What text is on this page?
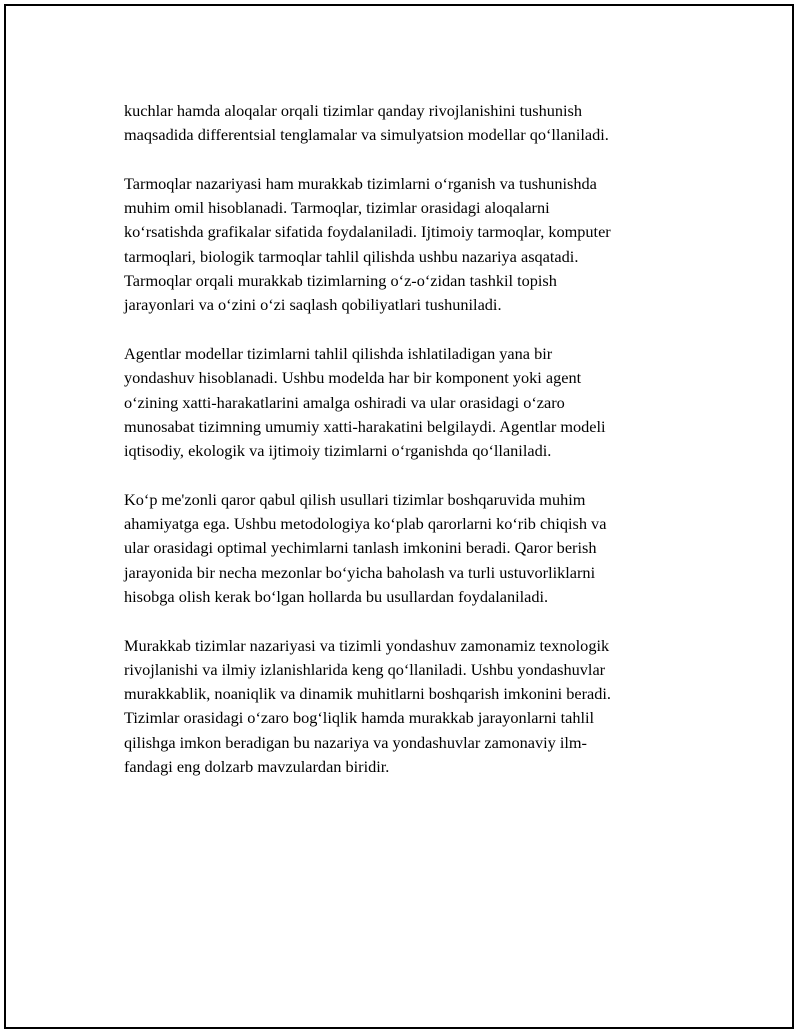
kuchlar hamda aloqalar orqali tizimlar qanday rivojlanishini tushunish
maqsadida differentsial tenglamalar va simulyatsion modellar qo‘llaniladi.

Tarmoqlar nazariyasi ham murakkab tizimlarni o‘rganish va tushunishda
muhim omil hisoblanadi. Tarmoqlar, tizimlar orasidagi aloqalarni
ko‘rsatishda grafikalar sifatida foydalaniladi. Ijtimoiy tarmoqlar, komputer
tarmoqlari, biologik tarmoqlar tahlil qilishda ushbu nazariya asqatadi.
Tarmoqlar orqali murakkab tizimlarning o‘z-o‘zidan tashkil topish
jarayonlari va o‘zini o‘zi saqlash qobiliyatlari tushuniladi.

Agentlar modellar tizimlarni tahlil qilishda ishlatiladigan yana bir
yondashuv hisoblanadi. Ushbu modelda har bir komponent yoki agent
o‘zining xatti-harakatlarini amalga oshiradi va ular orasidagi o‘zaro
munosabat tizimning umumiy xatti-harakatini belgilaydi. Agentlar modeli
iqtisodiy, ekologik va ijtimoiy tizimlarni o‘rganishda qo‘llaniladi.

Ko‘p me'zonli qaror qabul qilish usullari tizimlar boshqaruvida muhim
ahamiyatga ega. Ushbu metodologiya ko‘plab qarorlarni ko‘rib chiqish va
ular orasidagi optimal yechimlarni tanlash imkonini beradi. Qaror berish
jarayonida bir necha mezonlar bo‘yicha baholash va turli ustuvorliklarni
hisobga olish kerak bo‘lgan hollarda bu usullardan foydalaniladi.

Murakkab tizimlar nazariyasi va tizimli yondashuv zamonamiz texnologik
rivojlanishi va ilmiy izlanishlarida keng qo‘llaniladi. Ushbu yondashuvlar
murakkablik, noaniqlik va dinamik muhitlarni boshqarish imkonini beradi.
Tizimlar orasidagi o‘zaro bog‘liqlik hamda murakkab jarayonlarni tahlil
qilishga imkon beradigan bu nazariya va yondashuvlar zamonaviy ilm-
fandagi eng dolzarb mavzulardan biridir.
